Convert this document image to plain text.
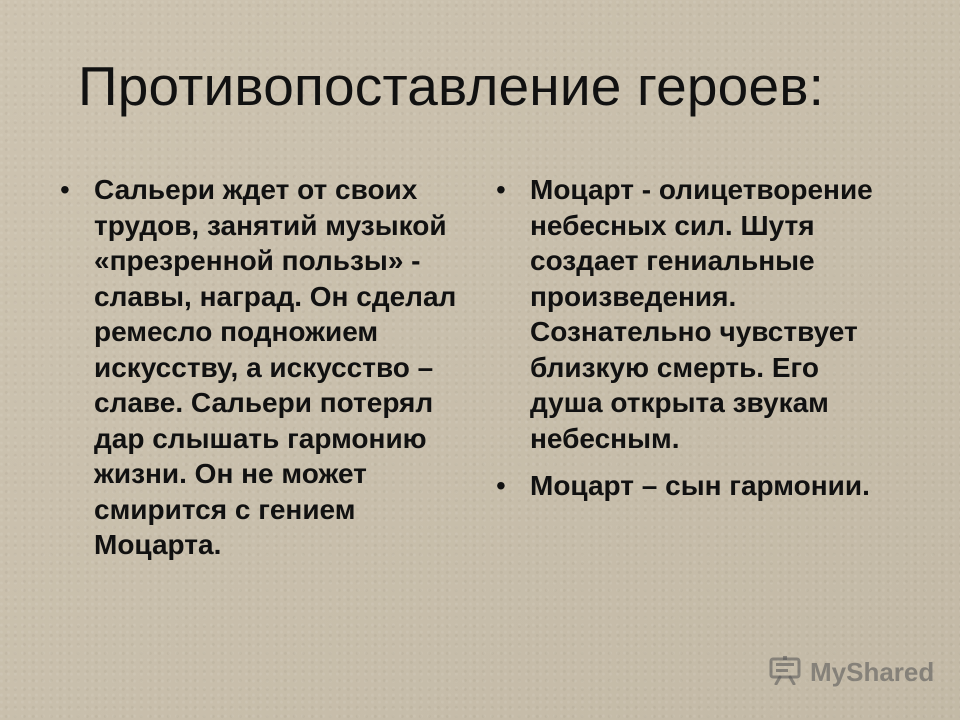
Противопоставление героев:
• Сальери ждет от своих трудов, занятий музыкой «презренной пользы» - славы, наград. Он сделал ремесло подножием искусству, а искусство – славе. Сальери потерял дар слышать гармонию жизни. Он не может смирится с гением Моцарта.
• Моцарт - олицетворение небесных сил. Шутя создает гениальные произведения. Сознательно чувствует близкую смерть. Его душа открыта звукам небесным.
• Моцарт – сын гармонии.
MyShared
